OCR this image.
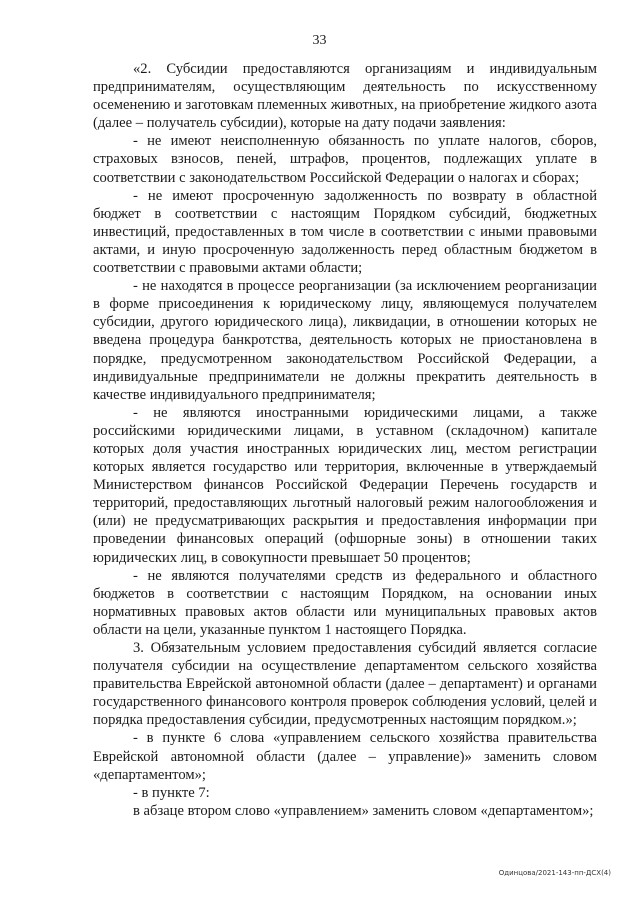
33

«2. Субсидии предоставляются организациям и индивидуальным предпринимателям, осуществляющим деятельность по искусственному осеменению и заготовкам племенных животных, на приобретение жидкого азота (далее – получатель субсидии), которые на дату подачи заявления:

- не имеют неисполненную обязанность по уплате налогов, сборов, страховых взносов, пеней, штрафов, процентов, подлежащих уплате в соответствии с законодательством Российской Федерации о налогах и сборах;

- не имеют просроченную задолженность по возврату в областной бюджет в соответствии с настоящим Порядком субсидий, бюджетных инвестиций, предоставленных в том числе в соответствии с иными правовыми актами, и иную просроченную задолженность перед областным бюджетом в соответствии с правовыми актами области;

- не находятся в процессе реорганизации (за исключением реорганизации в форме присоединения к юридическому лицу, являющемуся получателем субсидии, другого юридического лица), ликвидации, в отношении которых не введена процедура банкротства, деятельность которых не приостановлена в порядке, предусмотренном законодательством Российской Федерации, а индивидуальные предприниматели не должны прекратить деятельность в качестве индивидуального предпринимателя;

- не являются иностранными юридическими лицами, а также российскими юридическими лицами, в уставном (складочном) капитале которых доля участия иностранных юридических лиц, местом регистрации которых является государство или территория, включенные в утверждаемый Министерством финансов Российской Федерации Перечень государств и территорий, предоставляющих льготный налоговый режим налогообложения и (или) не предусматривающих раскрытия и предоставления информации при проведении финансовых операций (офшорные зоны) в отношении таких юридических лиц, в совокупности превышает 50 процентов;

- не являются получателями средств из федерального и областного бюджетов в соответствии с настоящим Порядком, на основании иных нормативных правовых актов области или муниципальных правовых актов области на цели, указанные пунктом 1 настоящего Порядка.

3. Обязательным условием предоставления субсидий является согласие получателя субсидии на осуществление департаментом сельского хозяйства правительства Еврейской автономной области (далее – департамент) и органами государственного финансового контроля проверок соблюдения условий, целей и порядка предоставления субсидии, предусмотренных настоящим порядком.»;

- в пункте 6 слова «управлением сельского хозяйства правительства Еврейской автономной области (далее – управление)» заменить словом «департаментом»;

- в пункте 7:

в абзаце втором слово «управлением» заменить словом «департаментом»;

Одинцова/2021-143-пп-ДСХ(4)
